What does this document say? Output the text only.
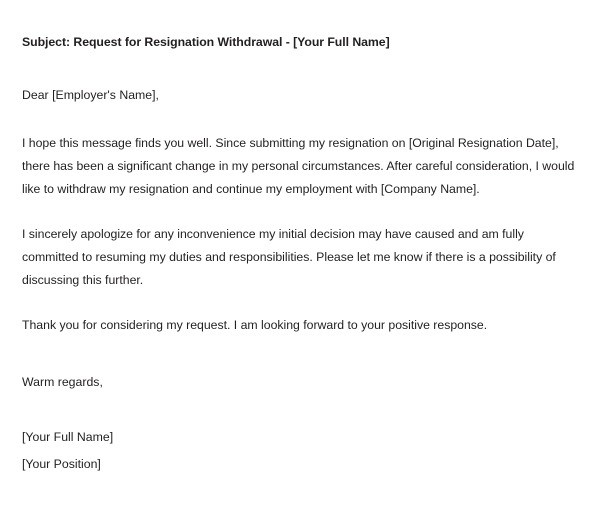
Subject: Request for Resignation Withdrawal - [Your Full Name]
Dear [Employer's Name],
I hope this message finds you well. Since submitting my resignation on [Original Resignation Date], there has been a significant change in my personal circumstances. After careful consideration, I would like to withdraw my resignation and continue my employment with [Company Name].
I sincerely apologize for any inconvenience my initial decision may have caused and am fully committed to resuming my duties and responsibilities. Please let me know if there is a possibility of discussing this further.
Thank you for considering my request. I am looking forward to your positive response.
Warm regards,
[Your Full Name]
[Your Position]
